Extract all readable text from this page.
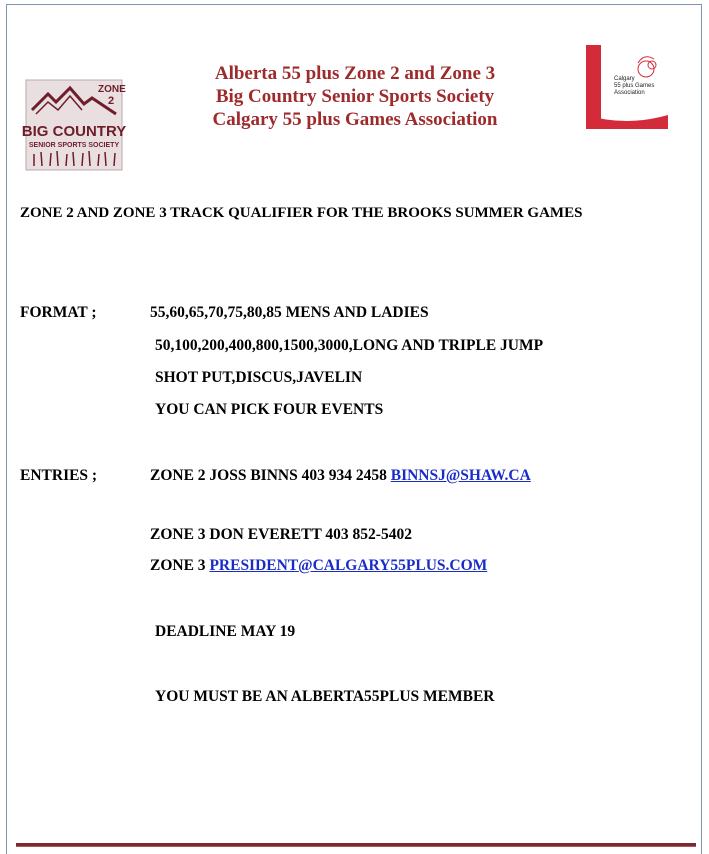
ZONE
2
BIG COUNTRY
SENIOR SPORTS SOCIETY
Alberta 55 plus Zone 2 and Zone 3
Big Country Senior Sports Society
Calgary 55 plus Games Association
Calgary
55 plus Games
Association
ZONE 2 AND ZONE 3 TRACK QUALIFIER FOR THE BROOKS SUMMER GAMES
FORMAT ;	55,60,65,70,75,80,85 MENS AND LADIES
50,100,200,400,800,1500,3000,LONG AND TRIPLE JUMP
SHOT PUT,DISCUS,JAVELIN
YOU CAN PICK FOUR EVENTS
ENTRIES ;	ZONE 2 JOSS BINNS 403 934 2458 BINNSJ@SHAW.CA
ZONE 3 DON EVERETT 403 852-5402
ZONE 3 PRESIDENT@CALGARY55PLUS.COM
DEADLINE MAY 19
YOU MUST BE AN ALBERTA55PLUS MEMBER
